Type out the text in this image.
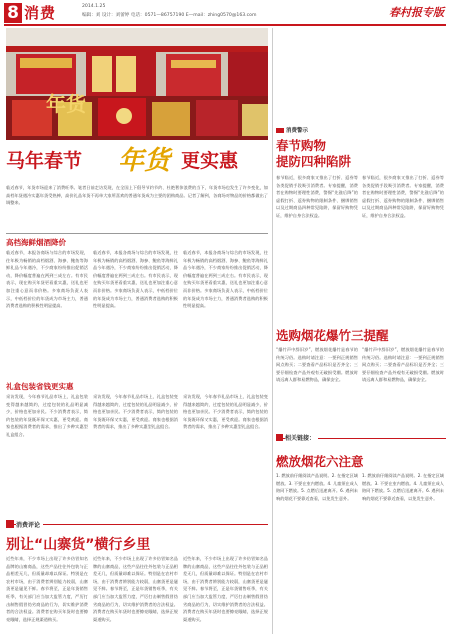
8 消费	2014.1.25
编辑：刘 设计：刘蕾婷 电话：0571—86757190 E—mail：zhing0570@163.com	春村报专版
年货
马年春节 年货 更实惠
临近春节，年货市场迎来了消费旺季。笔者日前走访发现，在全国上下倡导节约节约、杜绝奢侈浪费的当下，年货市场也发生了许多变化，如高档年货遇冷实惠年货受热捧，高价礼品年货不再单大家所喜欢的普通年货成为主要的团购商品。记者了解到，各商场对物品的价格都做出了调整来。
高档海鲜烟酒降价
临近春节，本报各商场与综合的市场发现，往年极为畅销的高档烟酒、海参、鲍鱼等海鲜礼品今年遇冷，不少商家纷纷推出促销活动，降价幅度普遍在两到三成左右。有市民表示，现在购买年货更看重实惠，送礼也更加注重心意而非价格。多家商场负责人表示，中低档价位的年货成为市场主力，普通消费者选购的积极性明显提高。
临近春节，本报各商场与综合的市场发现，往年极为畅销的高档烟酒、海参、鲍鱼等海鲜礼品今年遇冷，不少商家纷纷推出促销活动，降价幅度普遍在两到三成左右。有市民表示，现在购买年货更看重实惠，送礼也更加注重心意而非价格。多家商场负责人表示，中低档价位的年货成为市场主力，普通消费者选购的积极性明显提高。
临近春节，本报各商场与综合的市场发现，往年极为畅销的高档烟酒、海参、鲍鱼等海鲜礼品今年遇冷，不少商家纷纷推出促销活动，降价幅度普遍在两到三成左右。有市民表示，现在购买年货更看重实惠，送礼也更加注重心意而非价格。多家商场负责人表示，中低档价位的年货成为市场主力，普通消费者选购的积极性明显提高。
礼盒包装省钱更实惠
采访发现，今年春节礼品市场上，礼盒包装变得越来越简约，过度包装的礼品明显减少，价格也更加亲民。不少消费者表示，简约包装的年货既环保又实惠，更受欢迎。商家也根据消费者的需求，推出了多种实惠型礼盒组合。
采访发现，今年春节礼品市场上，礼盒包装变得越来越简约，过度包装的礼品明显减少，价格也更加亲民。不少消费者表示，简约包装的年货既环保又实惠，更受欢迎。商家也根据消费者的需求，推出了多种实惠型礼盒组合。
采访发现，今年春节礼品市场上，礼盒包装变得越来越简约，过度包装的礼品明显减少，价格也更加亲民。不少消费者表示，简约包装的年货既环保又实惠，更受欢迎。商家也根据消费者的需求，推出了多种实惠型礼盒组合。
消费评论
别让“山寨货”横行乡里
近些年来，不少市场上出现了许多仿冒知名品牌的山寨商品，这些产品往往外包装与正品相差无几，但质量却难以保证。特别是在农村市场，由于消费者辨别能力较弱，山寨货更是屡见不鲜。春节将至，正是年货销售旺季，有关部门应当加大监管力度，严厉打击制售假冒伪劣商品的行为，切实维护消费者的合法权益。消费者在购买年货时也要擦亮眼睛，选择正规渠道购买。
近些年来，不少市场上出现了许多仿冒知名品牌的山寨商品，这些产品往往外包装与正品相差无几，但质量却难以保证。特别是在农村市场，由于消费者辨别能力较弱，山寨货更是屡见不鲜。春节将至，正是年货销售旺季，有关部门应当加大监管力度，严厉打击制售假冒伪劣商品的行为，切实维护消费者的合法权益。消费者在购买年货时也要擦亮眼睛，选择正规渠道购买。
近些年来，不少市场上出现了许多仿冒知名品牌的山寨商品，这些产品往往外包装与正品相差无几，但质量却难以保证。特别是在农村市场，由于消费者辨别能力较弱，山寨货更是屡见不鲜。春节将至，正是年货销售旺季，有关部门应当加大监管力度，严厉打击制售假冒伪劣商品的行为，切实维护消费者的合法权益。消费者在购买年货时也要擦亮眼睛，选择正规渠道购买。
消费警示
春节购物
提防四种陷阱
春节临近，很多商家又推出了打折、返券等各类促销手段吸引消费者。专家提醒，消费者在购物时要理性消费，警惕“先涨后降”的虚假打折、返券购物的限制条件、捆绑销售以及过期商品四种常见陷阱，保留好购物凭证，维护自身合法权益。
春节临近，很多商家又推出了打折、返券等各类促销手段吸引消费者。专家提醒，消费者在购物时要理性消费，警惕“先涨后降”的虚假打折、返券购物的限制条件、捆绑销售以及过期商品四种常见陷阱，保留好购物凭证，维护自身合法权益。
选购烟花爆竹三提醒
“爆竹声中辞旧岁”，燃放烟花爆竹是春节的传统习俗。选购时请注意：一要到正规销售网点购买；二要查看产品标识是否齐全；三要仔细检查产品外观有无破损受潮。燃放时请远离人群和易燃物品，确保安全。
“爆竹声中辞旧岁”，燃放烟花爆竹是春节的传统习俗。选购时请注意：一要到正规销售网点购买；二要查看产品标识是否齐全；三要仔细检查产品外观有无破损受潮。燃放时请远离人群和易燃物品，确保安全。
相关链接：
燃放烟花六注意
1. 燃放前仔细阅读产品说明。2. 在指定区域燃放。3. 不要在室内燃放。4. 儿童须在成人陪同下燃放。5. 点燃后迅速离开。6. 遇到未响的烟花不要靠近查看，以免发生意外。
1. 燃放前仔细阅读产品说明。2. 在指定区域燃放。3. 不要在室内燃放。4. 儿童须在成人陪同下燃放。5. 点燃后迅速离开。6. 遇到未响的烟花不要靠近查看，以免发生意外。
